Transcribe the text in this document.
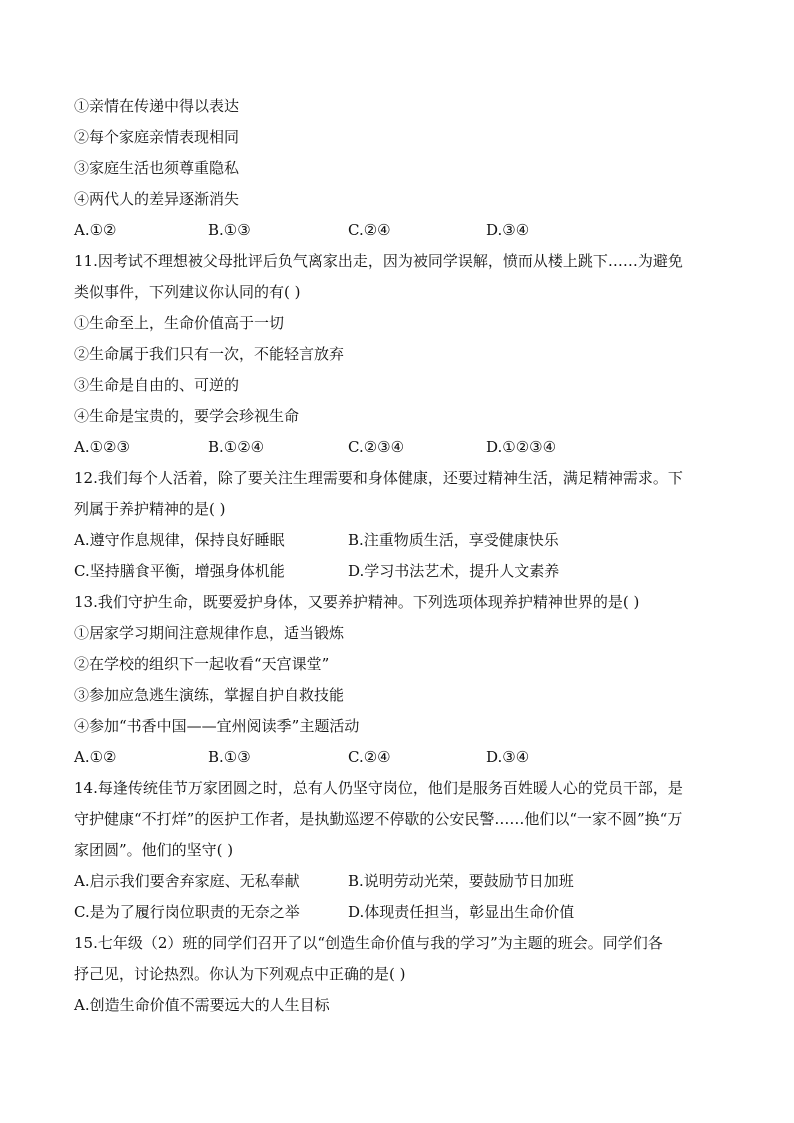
①亲情在传递中得以表达
②每个家庭亲情表现相同
③家庭生活也须尊重隐私
④两代人的差异逐渐消失
A.①②	B.①③	C.②④	D.③④
11.因考试不理想被父母批评后负气离家出走，因为被同学误解，愤而从楼上跳下……为避免
类似事件，下列建议你认同的有( )
①生命至上，生命价值高于一切
②生命属于我们只有一次，不能轻言放弃
③生命是自由的、可逆的
④生命是宝贵的，要学会珍视生命
A.①②③	B.①②④	C.②③④	D.①②③④
12.我们每个人活着，除了要关注生理需要和身体健康，还要过精神生活，满足精神需求。下
列属于养护精神的是( )
A.遵守作息规律，保持良好睡眠	B.注重物质生活，享受健康快乐
C.坚持膳食平衡，增强身体机能	D.学习书法艺术，提升人文素养
13.我们守护生命，既要爱护身体，又要养护精神。下列选项体现养护精神世界的是( )
①居家学习期间注意规律作息，适当锻炼
②在学校的组织下一起收看“天宫课堂”
③参加应急逃生演练，掌握自护自救技能
④参加“书香中国——宜州阅读季”主题活动
A.①②	B.①③	C.②④	D.③④
14.每逢传统佳节万家团圆之时，总有人仍坚守岗位，他们是服务百姓暖人心的党员干部，是
守护健康“不打烊”的医护工作者，是执勤巡逻不停歇的公安民警……他们以“一家不圆”换“万
家团圆”。他们的坚守( )
A.启示我们要舍弃家庭、无私奉献	B.说明劳动光荣，要鼓励节日加班
C.是为了履行岗位职责的无奈之举	D.体现责任担当，彰显出生命价值
15.七年级（2）班的同学们召开了以“创造生命价值与我的学习”为主题的班会。同学们各
抒己见，讨论热烈。你认为下列观点中正确的是( )
A.创造生命价值不需要远大的人生目标
